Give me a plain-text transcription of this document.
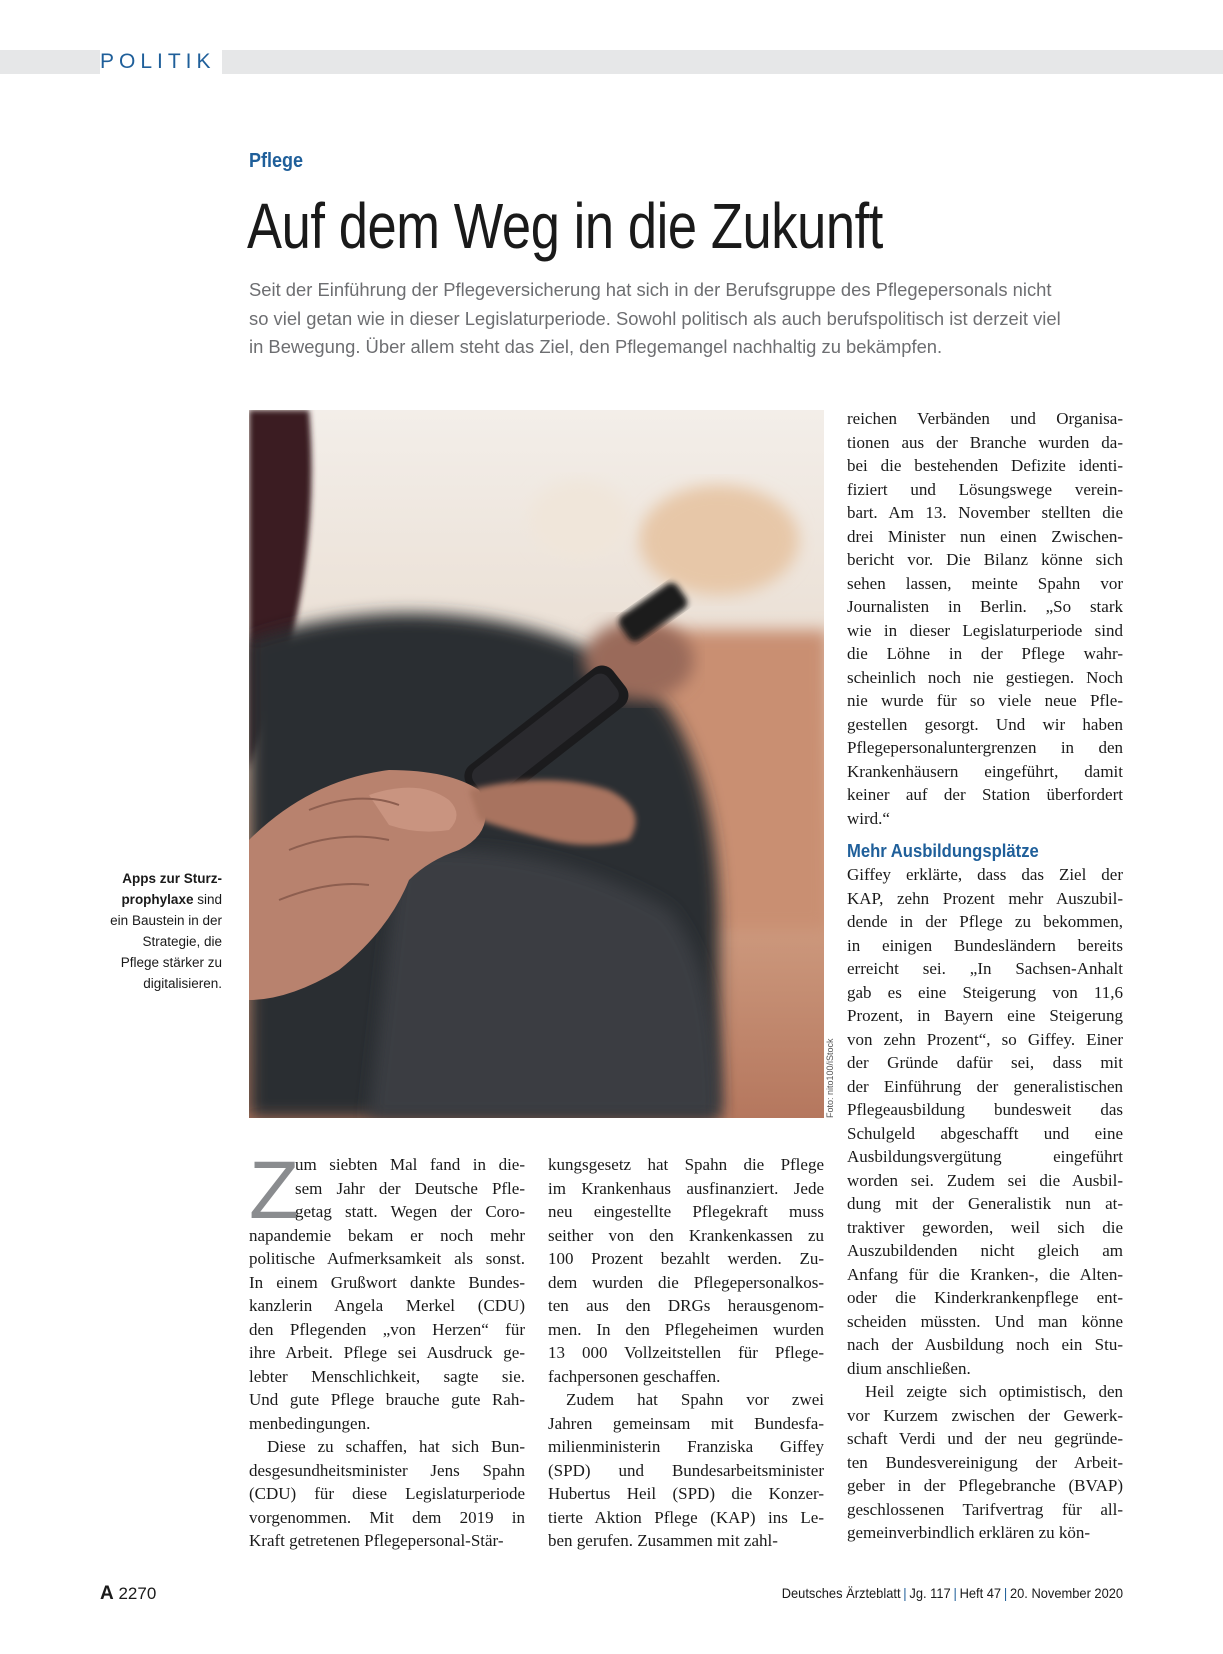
POLITIK
Pflege
Auf dem Weg in die Zukunft
Seit der Einführung der Pflegeversicherung hat sich in der Berufsgruppe des Pflegepersonals nicht
so viel getan wie in dieser Legislaturperiode. Sowohl politisch als auch berufspolitisch ist derzeit viel
in Bewegung. Über allem steht das Ziel, den Pflegemangel nachhaltig zu bekämpfen.
Foto: nito100/iStock
Apps zur Sturz-
prophylaxe sind
ein Baustein in der
Strategie, die
Pflege stärker zu
digitalisieren.
Z
um siebten Mal fand in die-
sem Jahr der Deutsche Pfle-
getag statt. Wegen der Coro-
napandemie bekam er noch mehr
politische Aufmerksamkeit als sonst.
In einem Grußwort dankte Bundes-
kanzlerin Angela Merkel (CDU)
den Pflegenden „von Herzen“ für
ihre Arbeit. Pflege sei Ausdruck ge-
lebter Menschlichkeit, sagte sie.
Und gute Pflege brauche gute Rah-
menbedingungen.
Diese zu schaffen, hat sich Bun-
desgesundheitsminister Jens Spahn
(CDU) für diese Legislaturperiode
vorgenommen. Mit dem 2019 in
Kraft getretenen Pflegepersonal-Stär-
kungsgesetz hat Spahn die Pflege
im Krankenhaus ausfinanziert. Jede
neu eingestellte Pflegekraft muss
seither von den Krankenkassen zu
100 Prozent bezahlt werden. Zu-
dem wurden die Pflegepersonalkos-
ten aus den DRGs herausgenom-
men. In den Pflegeheimen wurden
13 000 Vollzeitstellen für Pflege-
fachpersonen geschaffen.
Zudem hat Spahn vor zwei
Jahren gemeinsam mit Bundesfa-
milienministerin Franziska Giffey
(SPD) und Bundesarbeitsminister
Hubertus Heil (SPD) die Konzer-
tierte Aktion Pflege (KAP) ins Le-
ben gerufen. Zusammen mit zahl-
reichen Verbänden und Organisa-
tionen aus der Branche wurden da-
bei die bestehenden Defizite identi-
fiziert und Lösungswege verein-
bart. Am 13. November stellten die
drei Minister nun einen Zwischen-
bericht vor. Die Bilanz könne sich
sehen lassen, meinte Spahn vor
Journalisten in Berlin. „So stark
wie in dieser Legislaturperiode sind
die Löhne in der Pflege wahr-
scheinlich noch nie gestiegen. Noch
nie wurde für so viele neue Pfle-
gestellen gesorgt. Und wir haben
Pflegepersonaluntergrenzen in den
Krankenhäusern eingeführt, damit
keiner auf der Station überfordert
wird.“
Mehr Ausbildungsplätze
Giffey erklärte, dass das Ziel der
KAP, zehn Prozent mehr Auszubil-
dende in der Pflege zu bekommen,
in einigen Bundesländern bereits
erreicht sei. „In Sachsen-Anhalt
gab es eine Steigerung von 11,6
Prozent, in Bayern eine Steigerung
von zehn Prozent“, so Giffey. Einer
der Gründe dafür sei, dass mit
der Einführung der generalistischen
Pflegeausbildung bundesweit das
Schulgeld abgeschafft und eine
Ausbildungsvergütung eingeführt
worden sei. Zudem sei die Ausbil-
dung mit der Generalistik nun at-
traktiver geworden, weil sich die
Auszubildenden nicht gleich am
Anfang für die Kranken-, die Alten-
oder die Kinderkrankenpflege ent-
scheiden müssten. Und man könne
nach der Ausbildung noch ein Stu-
dium anschließen.
Heil zeigte sich optimistisch, den
vor Kurzem zwischen der Gewerk-
schaft Verdi und der neu gegründe-
ten Bundesvereinigung der Arbeit-
geber in der Pflegebranche (BVAP)
geschlossenen Tarifvertrag für all-
gemeinverbindlich erklären zu kön-
A 2270	Deutsches Ärzteblatt | Jg. 117 | Heft 47 | 20. November 2020
